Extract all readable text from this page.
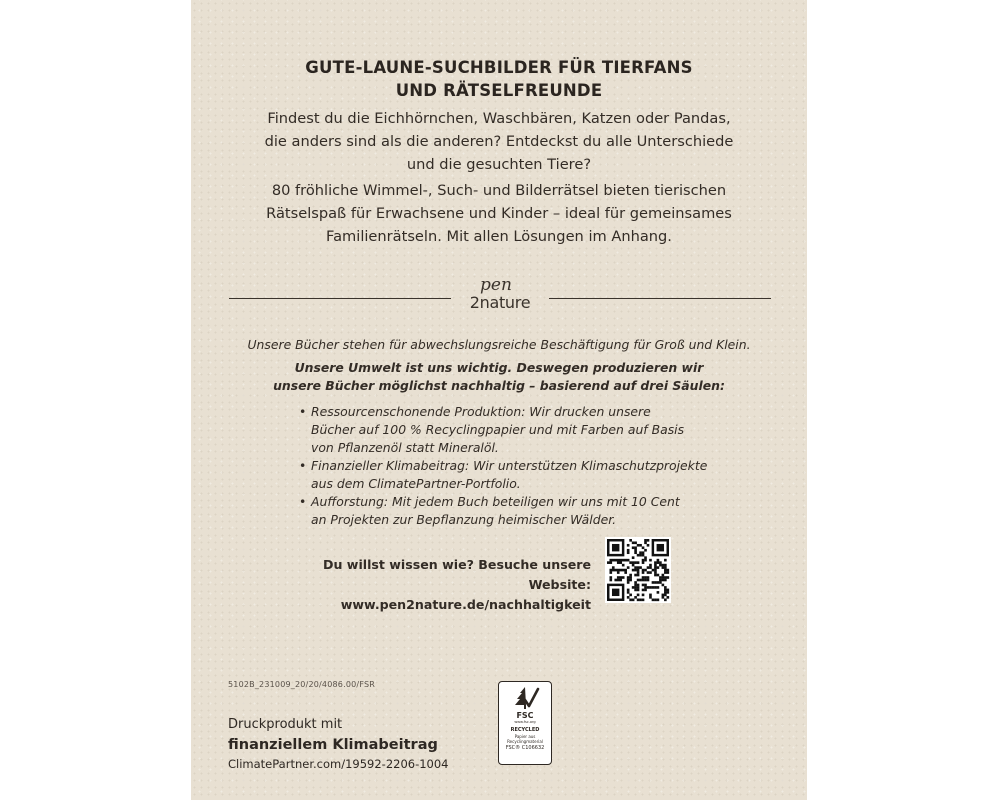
GUTE-LAUNE-SUCHBILDER FÜR TIERFANS
UND RÄTSELFREUNDE
Findest du die Eichhörnchen, Waschbären, Katzen oder Pandas,
die anders sind als die anderen? Entdeckst du alle Unterschiede
und die gesuchten Tiere?
80 fröhliche Wimmel-, Such- und Bilderrätsel bieten tierischen
Rätselspaß für Erwachsene und Kinder – ideal für gemeinsames
Familienrätseln. Mit allen Lösungen im Anhang.
pen
2nature
Unsere Bücher stehen für abwechslungsreiche Beschäftigung für Groß und Klein.
Unsere Umwelt ist uns wichtig. Deswegen produzieren wir
unsere Bücher möglichst nachhaltig – basierend auf drei Säulen:
• Ressourcenschonende Produktion: Wir drucken unsere
Bücher auf 100 % Recyclingpapier und mit Farben auf Basis
von Pflanzenöl statt Mineralöl.
• Finanzieller Klimabeitrag: Wir unterstützen Klimaschutzprojekte
aus dem ClimatePartner-Portfolio.
• Aufforstung: Mit jedem Buch beteiligen wir uns mit 10 Cent
an Projekten zur Bepflanzung heimischer Wälder.
Du willst wissen wie? Besuche unsere Website:
www.pen2nature.de/nachhaltigkeit
5102B_231009_20/20/4086.00/FSR
Druckprodukt mit
finanziellem Klimabeitrag
ClimatePartner.com/19592-2206-1004
FSC
www.fsc.org
RECYCLED
Papier aus
Recyclingmaterial
FSC® C106632
